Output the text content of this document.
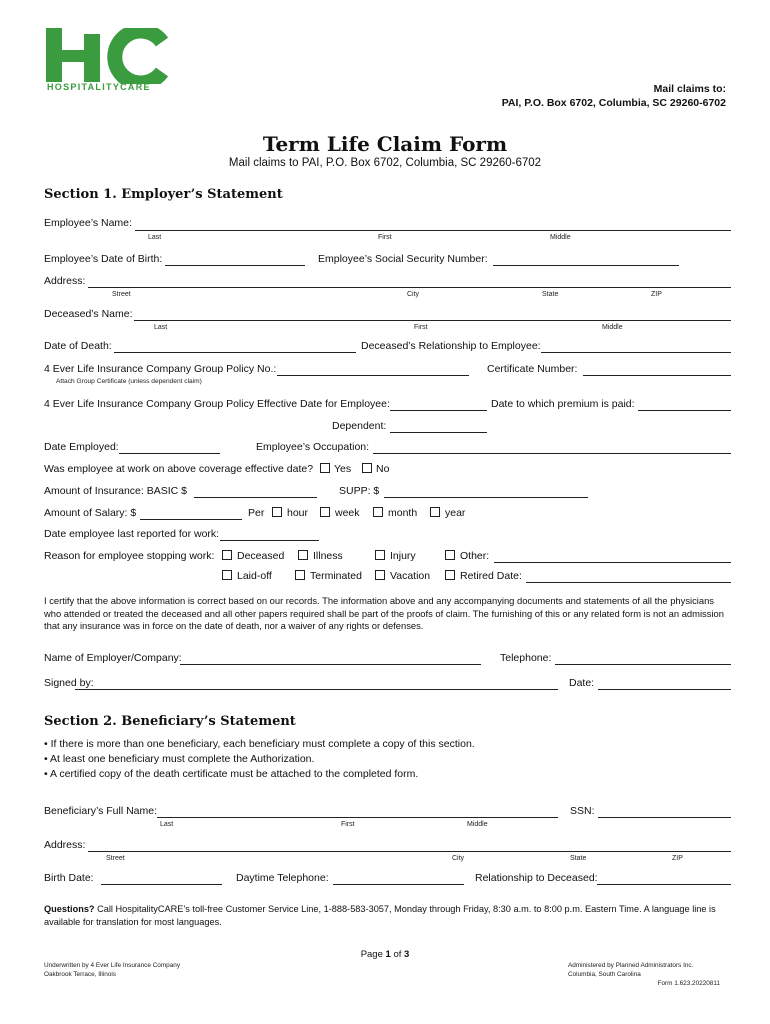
HOSPITALITYCARE	Mail claims to:
PAI, P.O. Box 6702, Columbia, SC 29260-6702
Term Life Claim Form
Mail claims to PAI, P.O. Box 6702, Columbia, SC 29260-6702
Section 1. Employer’s Statement
Employee’s Name:
Last	First	Middle
Employee’s Date of Birth:	Employee’s Social Security Number:
Address:
Street	City	State	ZIP
Deceased’s Name:
Last	First	Middle
Date of Death:	Deceased’s Relationship to Employee:
4 Ever Life Insurance Company Group Policy No.:
Attach Group Certificate (unless dependent claim)
Certificate Number:
4 Ever Life Insurance Company Group Policy Effective Date for Employee:	Date to which premium is paid:
Dependent:
Date Employed:	Employee’s Occupation:
Was employee at work on above coverage effective date? Yes No
Amount of Insurance: BASIC $	SUPP: $
Amount of Salary: $	Per hour	week	month	year
Date employee last reported for work:
Reason for employee stopping work: Deceased	Illness	Injury	Other:
Laid-off	Terminated	Vacation	Retired Date:
I certify that the above information is correct based on our records. The information above and any accompanying documents and statements of all the physicians who attended or treated the deceased and all other papers required shall be part of the proofs of claim. The furnishing of this or any related form is not an admission that any insurance was in force on the date of death, nor a waiver of any rights or defenses.
Name of Employer/Company:	Telephone:
Signed by:	Date:
Section 2. Beneficiary’s Statement
• If there is more than one beneficiary, each beneficiary must complete a copy of this section.
• At least one beneficiary must complete the Authorization.
• A certified copy of the death certificate must be attached to the completed form.
Beneficiary’s Full Name:
Last	First	Middle
SSN:
Address:
Street	City	State	ZIP
Birth Date:	Daytime Telephone:	Relationship to Deceased:
Questions? Call HospitalityCARE’s toll-free Customer Service Line, 1-888-583-3057, Monday through Friday, 8:30 a.m. to 8:00 p.m. Eastern Time. A language line is available for translation for most languages.
Page 1 of 3
Underwritten by 4 Ever Life Insurance Company
Oakbrook Terrace, Illinois
Administered by Planned Administrators Inc.
Columbia, South Carolina
Form 1.623.20220811
